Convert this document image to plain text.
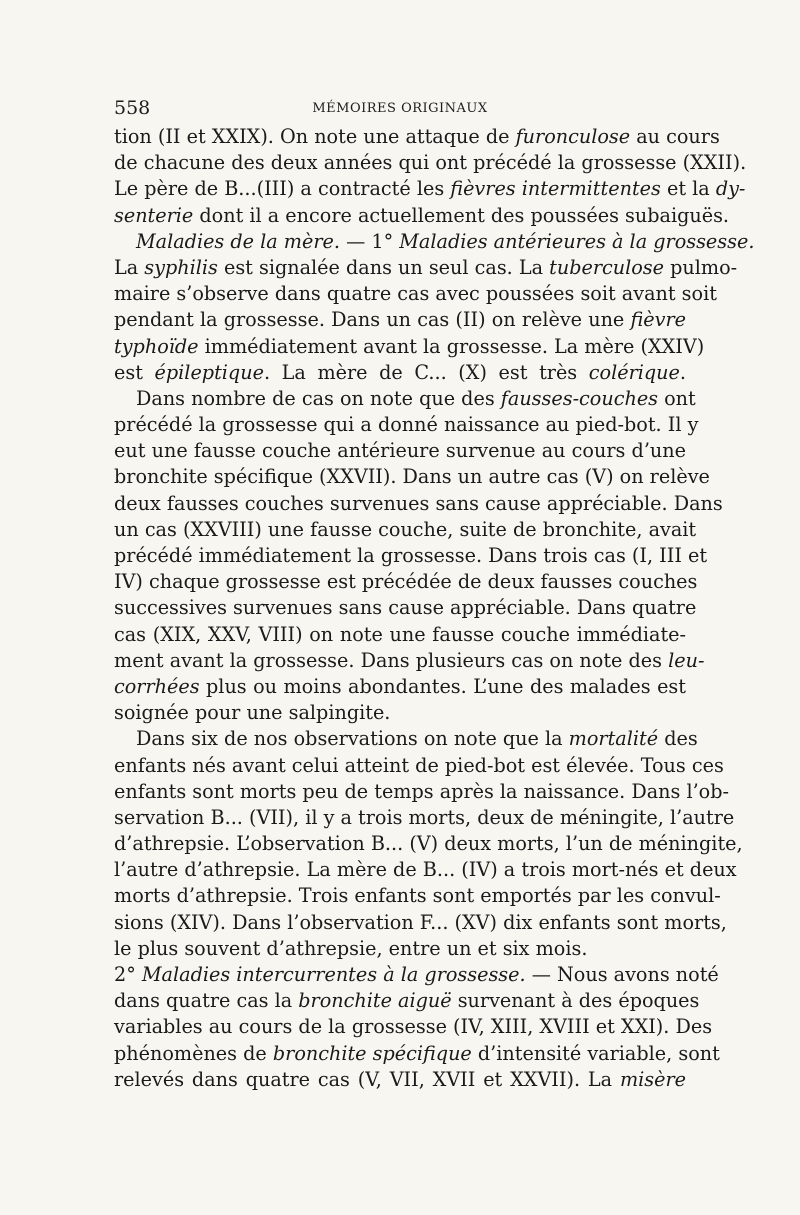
558	MÉMOIRES ORIGINAUX
tion (II et XXIX). On note une attaque de furonculose au cours
de chacune des deux années qui ont précédé la grossesse (XXII).
Le père de B...(III) a contracté les fièvres intermittentes et la dy-
senterie dont il a encore actuellement des poussées subaiguës.
Maladies de la mère. — 1° Maladies antérieures à la grossesse.
La syphilis est signalée dans un seul cas. La tuberculose pulmo-
maire s’observe dans quatre cas avec poussées soit avant soit
pendant la grossesse. Dans un cas (II) on relève une fièvre
typhoïde immédiatement avant la grossesse. La mère (XXIV)
est épileptique. La mère de C... (X) est très colérique.
Dans nombre de cas on note que des fausses-couches ont
précédé la grossesse qui a donné naissance au pied-bot. Il y
eut une fausse couche antérieure survenue au cours d’une
bronchite spécifique (XXVII). Dans un autre cas (V) on relève
deux fausses couches survenues sans cause appréciable. Dans
un cas (XXVIII) une fausse couche, suite de bronchite, avait
précédé immédiatement la grossesse. Dans trois cas (I, III et
IV) chaque grossesse est précédée de deux fausses couches
successives survenues sans cause appréciable. Dans quatre
cas (XIX, XXV, VIII) on note une fausse couche immédiate-
ment avant la grossesse. Dans plusieurs cas on note des leu-
corrhées plus ou moins abondantes. L’une des malades est
soignée pour une salpingite.
Dans six de nos observations on note que la mortalité des
enfants nés avant celui atteint de pied-bot est élevée. Tous ces
enfants sont morts peu de temps après la naissance. Dans l’ob-
servation B... (VII), il y a trois morts, deux de méningite, l’autre
d’athrepsie. L’observation B... (V) deux morts, l’un de méningite,
l’autre d’athrepsie. La mère de B... (IV) a trois mort-nés et deux
morts d’athrepsie. Trois enfants sont emportés par les convul-
sions (XIV). Dans l’observation F... (XV) dix enfants sont morts,
le plus souvent d’athrepsie, entre un et six mois.
2° Maladies intercurrentes à la grossesse. — Nous avons noté
dans quatre cas la bronchite aiguë survenant à des époques
variables au cours de la grossesse (IV, XIII, XVIII et XXI). Des
phénomènes de bronchite spécifique d’intensité variable, sont
relevés dans quatre cas (V, VII, XVII et XXVII). La misère
